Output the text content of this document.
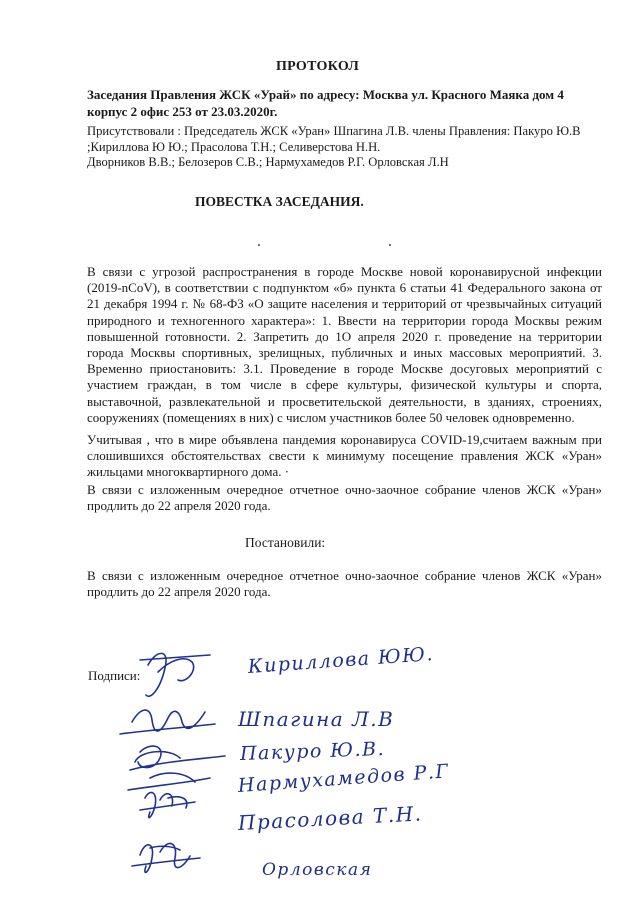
ПРОТОКОЛ
Заседания Правления ЖСК «Урай» по адресу: Москва ул. Красного Маяка дом 4
корпус 2 офис 253 от 23.03.2020г.
Присутствовали : Председатель ЖСК «Уран» Шпагина Л.В. члены Правления: Пакуро Ю.В
;Кириллова Ю Ю.; Прасолова Т.Н.; Селиверстова Н.Н.
Дворников В.В.; Белозеров С.В.; Нармухамедов Р.Г. Орловская Л.Н
ПОВЕСТКА ЗАСЕДАНИЯ.
В связи с угрозой распространения в городе Москве новой коронавирусной инфекции (2019-nCoV), в соответствии с подпунктом «б» пункта 6 статьи 41 Федерального закона от 21 декабря 1994 г. № 68-ФЗ «О защите населения и территорий от чрезвычайных ситуаций природного и техногенного характера»: 1. Ввести на территории города Москвы режим повышенной готовности. 2. Запретить до 1О апреля 2020 г. проведение на территории города Москвы спортивных, зрелищных, публичных и иных массовых мероприятий. 3. Временно приостановить: 3.1. Проведение в городе Москве досуговых мероприятий с участием граждан, в том числе в сфере культуры, физической культуры и спорта, выставочной, развлекательной и просветительской деятельности, в зданиях, строениях, сооружениях (помещениях в них) с числом участников более 50 человек одновременно.
Учитывая , что в мире объявлена пандемия коронавируса COVID-19,считаем важным при слошившихся обстоятельствах свести к минимуму посещение правления ЖСК «Уран» жильцами многоквартирного дома. ·
В связи с изложенным очередное отчетное очно-заочное собрание членов ЖСК «Уран» продлить до 22 апреля 2020 года.
Постановили:
В связи с изложенным очередное отчетное очно-заочное собрание членов ЖСК «Уран» продлить до 22 апреля 2020 года.
Подписи:	Кириллова ЮЮ.
Шпагина Л.В
Пакуро Ю.В.
Нармухамедов Р.Г
Прасолова Т.Н.
Орловская
